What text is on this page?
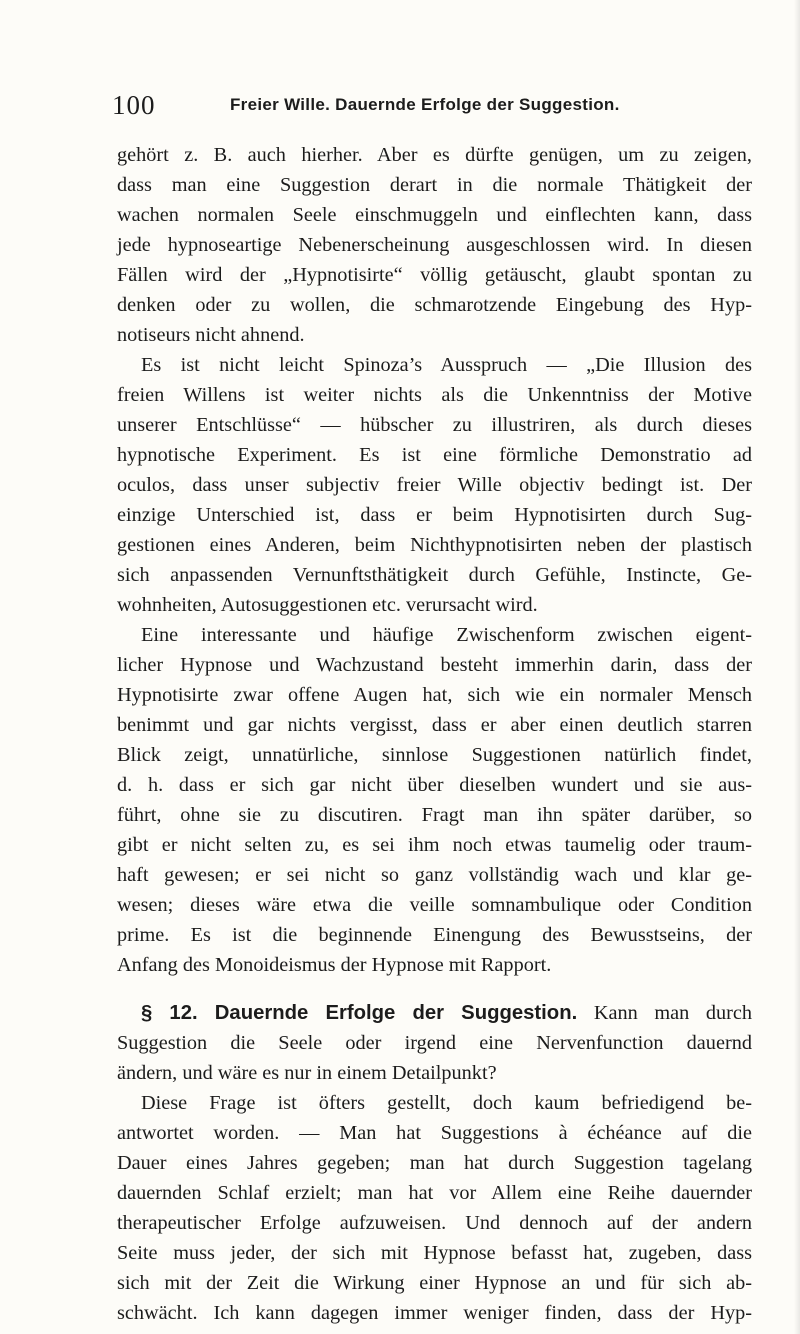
100	Freier Wille. Dauernde Erfolge der Suggestion.
gehört z. B. auch hierher. Aber es dürfte genügen, um zu zeigen,
dass man eine Suggestion derart in die normale Thätigkeit der
wachen normalen Seele einschmuggeln und einflechten kann, dass
jede hypnoseartige Nebenerscheinung ausgeschlossen wird. In diesen
Fällen wird der „Hypnotisirte“ völlig getäuscht, glaubt spontan zu
denken oder zu wollen, die schmarotzende Eingebung des Hyp-
notiseurs nicht ahnend.
Es ist nicht leicht Spinoza’s Ausspruch — „Die Illusion des
freien Willens ist weiter nichts als die Unkenntniss der Motive
unserer Entschlüsse“ — hübscher zu illustriren, als durch dieses
hypnotische Experiment. Es ist eine förmliche Demonstratio ad
oculos, dass unser subjectiv freier Wille objectiv bedingt ist. Der
einzige Unterschied ist, dass er beim Hypnotisirten durch Sug-
gestionen eines Anderen, beim Nichthypnotisirten neben der plastisch
sich anpassenden Vernunftsthätigkeit durch Gefühle, Instincte, Ge-
wohnheiten, Autosuggestionen etc. verursacht wird.
Eine interessante und häufige Zwischenform zwischen eigent-
licher Hypnose und Wachzustand besteht immerhin darin, dass der
Hypnotisirte zwar offene Augen hat, sich wie ein normaler Mensch
benimmt und gar nichts vergisst, dass er aber einen deutlich starren
Blick zeigt, unnatürliche, sinnlose Suggestionen natürlich findet,
d. h. dass er sich gar nicht über dieselben wundert und sie aus-
führt, ohne sie zu discutiren. Fragt man ihn später darüber, so
gibt er nicht selten zu, es sei ihm noch etwas taumelig oder traum-
haft gewesen; er sei nicht so ganz vollständig wach und klar ge-
wesen; dieses wäre etwa die veille somnambulique oder Condition
prime. Es ist die beginnende Einengung des Bewusstseins, der
Anfang des Monoideismus der Hypnose mit Rapport.
§ 12. Dauernde Erfolge der Suggestion. Kann man durch
Suggestion die Seele oder irgend eine Nervenfunction dauernd
ändern, und wäre es nur in einem Detailpunkt?
Diese Frage ist öfters gestellt, doch kaum befriedigend be-
antwortet worden. — Man hat Suggestions à échéance auf die
Dauer eines Jahres gegeben; man hat durch Suggestion tagelang
dauernden Schlaf erzielt; man hat vor Allem eine Reihe dauernder
therapeutischer Erfolge aufzuweisen. Und dennoch auf der andern
Seite muss jeder, der sich mit Hypnose befasst hat, zugeben, dass
sich mit der Zeit die Wirkung einer Hypnose an und für sich ab-
schwächt. Ich kann dagegen immer weniger finden, dass der Hyp-
